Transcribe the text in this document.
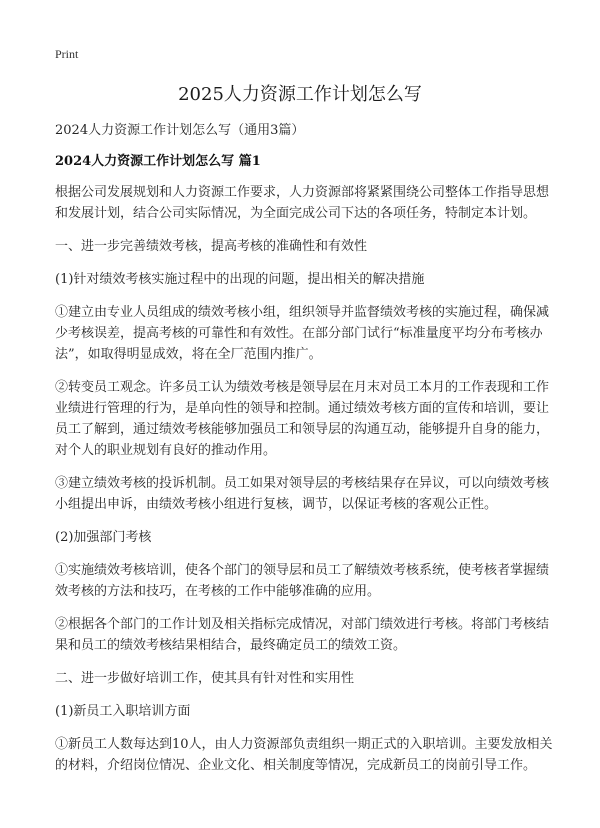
Print
2025人力资源工作计划怎么写

2024人力资源工作计划怎么写（通用3篇）

2024人力资源工作计划怎么写 篇1

根据公司发展规划和人力资源工作要求，人力资源部将紧紧围绕公司整体工作指导思想和发展计划，结合公司实际情况，为全面完成公司下达的各项任务，特制定本计划。

一、进一步完善绩效考核，提高考核的准确性和有效性

(1)针对绩效考核实施过程中的出现的问题，提出相关的解决措施

①建立由专业人员组成的绩效考核小组，组织领导并监督绩效考核的实施过程，确保减少考核误差，提高考核的可靠性和有效性。在部分部门试行“标准量度平均分布考核办法”，如取得明显成效，将在全厂范围内推广。

②转变员工观念。许多员工认为绩效考核是领导层在月末对员工本月的工作表现和工作业绩进行管理的行为，是单向性的领导和控制。通过绩效考核方面的宣传和培训，要让员工了解到，通过绩效考核能够加强员工和领导层的沟通互动，能够提升自身的能力，对个人的职业规划有良好的推动作用。

③建立绩效考核的投诉机制。员工如果对领导层的考核结果存在异议，可以向绩效考核小组提出申诉，由绩效考核小组进行复核，调节，以保证考核的客观公正性。

(2)加强部门考核

①实施绩效考核培训，使各个部门的领导层和员工了解绩效考核系统，使考核者掌握绩效考核的方法和技巧，在考核的工作中能够准确的应用。

②根据各个部门的工作计划及相关指标完成情况，对部门绩效进行考核。将部门考核结果和员工的绩效考核结果相结合，最终确定员工的绩效工资。

二、进一步做好培训工作，使其具有针对性和实用性

(1)新员工入职培训方面

①新员工人数每达到10人，由人力资源部负责组织一期正式的入职培训。主要发放相关的材料，介绍岗位情况、企业文化、相关制度等情况，完成新员工的岗前引导工作。
